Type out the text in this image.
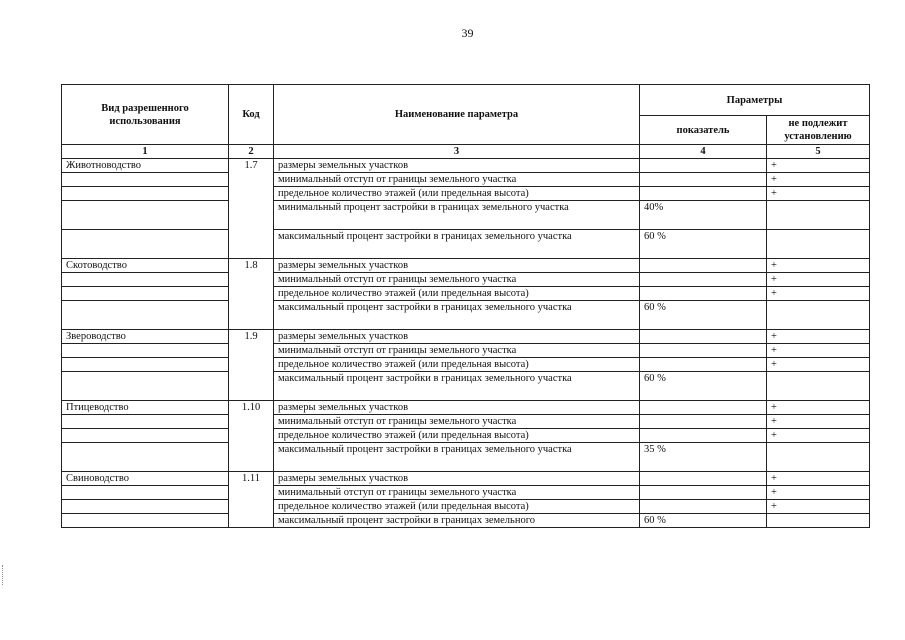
39
Вид разрешенного использования	Код	Наименование параметра	Параметры	
			показатель	не подлежит установлению
1	2	3	4	5
Животноводство	1.7	размеры земельных участков		+
		минимальный отступ от границы земельного участка		+
		предельное количество этажей (или предельная высота)		+
		минимальный процент застройки в границах земельного участка	40%	
		максимальный процент застройки в границах земельного участка	60 %	
Скотоводство	1.8	размеры земельных участков		+
		минимальный отступ от границы земельного участка		+
		предельное количество этажей (или предельная высота)		+
		максимальный процент застройки в границах земельного участка	60 %	
Звероводство	1.9	размеры земельных участков		+
		минимальный отступ от границы земельного участка		+
		предельное количество этажей (или предельная высота)		+
		максимальный процент застройки в границах земельного участка	60 %	
Птицеводство	1.10	размеры земельных участков		+
		минимальный отступ от границы земельного участка		+
		предельное количество этажей (или предельная высота)		+
		максимальный процент застройки в границах земельного участка	35 %	
Свиноводство	1.11	размеры земельных участков		+
		минимальный отступ от границы земельного участка		+
		предельное количество этажей (или предельная высота)		+
		максимальный процент застройки в границах земельного	60 %	
